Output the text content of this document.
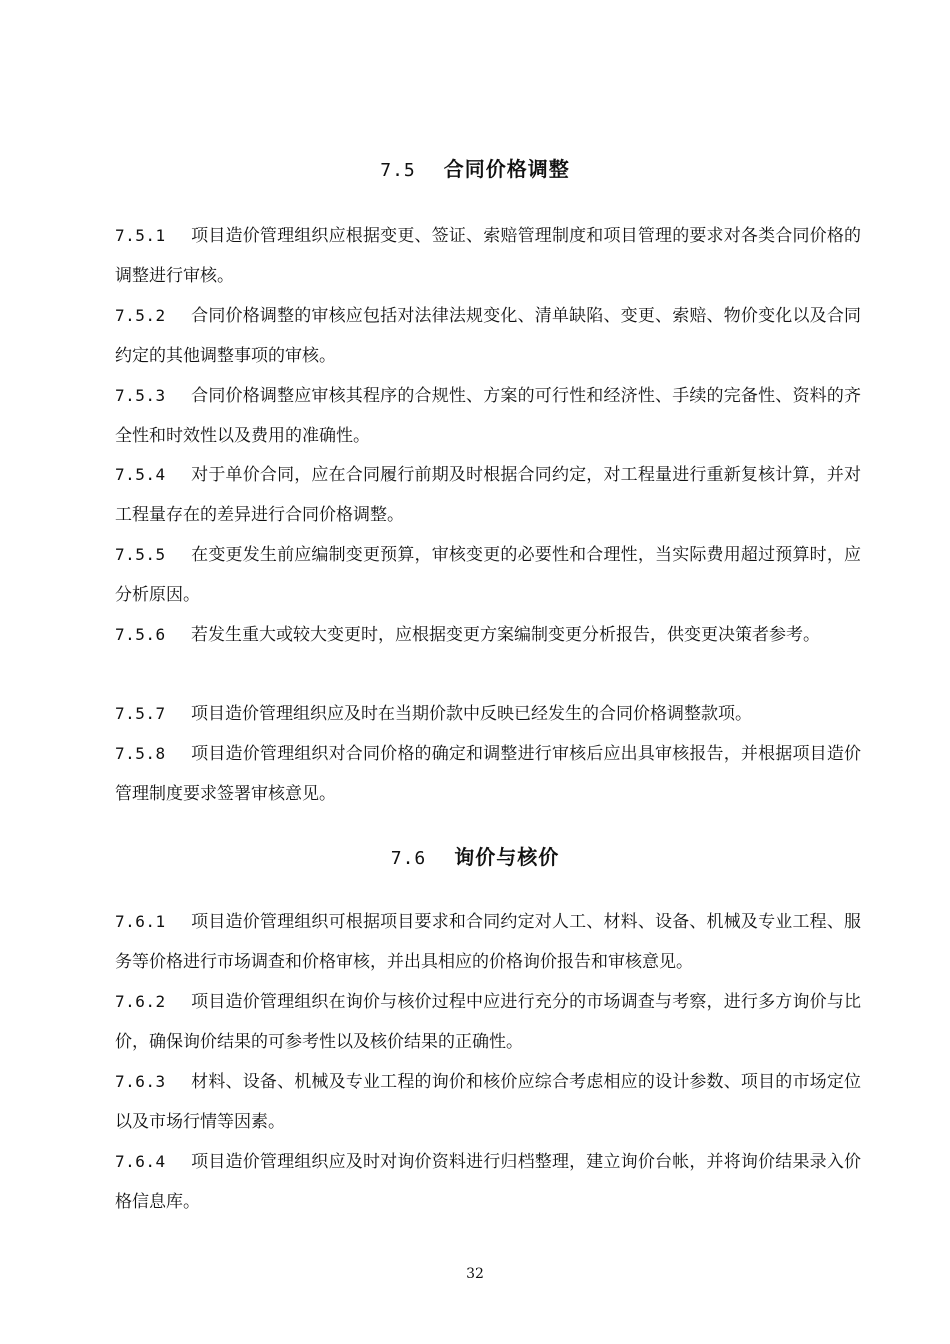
7.5 合同价格调整
7.5.1 项目造价管理组织应根据变更、签证、索赔管理制度和项目管理的要求对各类合同价格的调整进行审核。
7.5.2 合同价格调整的审核应包括对法律法规变化、清单缺陷、变更、索赔、物价变化以及合同约定的其他调整事项的审核。
7.5.3 合同价格调整应审核其程序的合规性、方案的可行性和经济性、手续的完备性、资料的齐全性和时效性以及费用的准确性。
7.5.4 对于单价合同，应在合同履行前期及时根据合同约定，对工程量进行重新复核计算，并对工程量存在的差异进行合同价格调整。
7.5.5 在变更发生前应编制变更预算，审核变更的必要性和合理性，当实际费用超过预算时，应分析原因。
7.5.6 若发生重大或较大变更时，应根据变更方案编制变更分析报告，供变更决策者参考。
7.5.7 项目造价管理组织应及时在当期价款中反映已经发生的合同价格调整款项。
7.5.8 项目造价管理组织对合同价格的确定和调整进行审核后应出具审核报告，并根据项目造价管理制度要求签署审核意见。
7.6 询价与核价
7.6.1 项目造价管理组织可根据项目要求和合同约定对人工、材料、设备、机械及专业工程、服务等价格进行市场调查和价格审核，并出具相应的价格询价报告和审核意见。
7.6.2 项目造价管理组织在询价与核价过程中应进行充分的市场调查与考察，进行多方询价与比价，确保询价结果的可参考性以及核价结果的正确性。
7.6.3 材料、设备、机械及专业工程的询价和核价应综合考虑相应的设计参数、项目的市场定位以及市场行情等因素。
7.6.4 项目造价管理组织应及时对询价资料进行归档整理，建立询价台帐，并将询价结果录入价格信息库。
32
